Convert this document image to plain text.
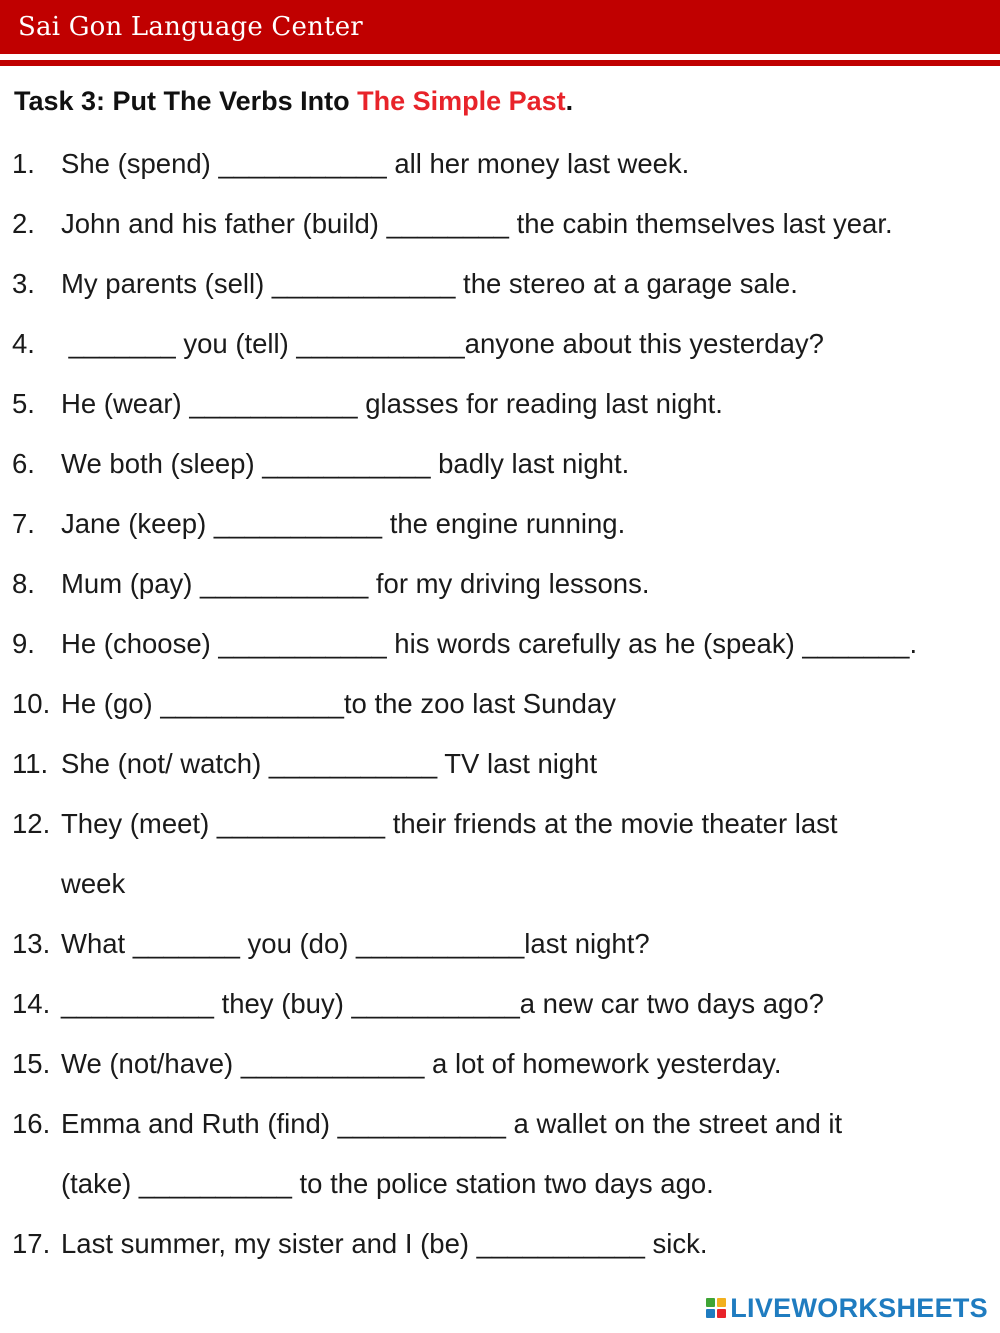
Sai Gon Language Center
Task 3: Put The Verbs Into The Simple Past.
1. She (spend) ___________ all her money last week.
2. John and his father (build) ________ the cabin themselves last year.
3. My parents (sell) ____________ the stereo at a garage sale.
4. _______ you (tell) ___________anyone about this yesterday?
5. He (wear) ___________ glasses for reading last night.
6. We both (sleep) ___________ badly last night.
7. Jane (keep) ___________ the engine running.
8. Mum (pay) ___________ for my driving lessons.
9. He (choose) ___________ his words carefully as he (speak) _______.
10. He (go) ____________to the zoo last Sunday
11. She (not/ watch) ___________ TV last night
12. They (meet) ___________ their friends at the movie theater last
week
13. What _______ you (do) ___________last night?
14. __________ they (buy) ___________a new car two days ago?
15. We (not/have) ____________ a lot of homework yesterday.
16. Emma and Ruth (find) ___________ a wallet on the street and it
(take) __________ to the police station two days ago.
17. Last summer, my sister and I (be) ___________ sick.
LIVEWORKSHEETS
